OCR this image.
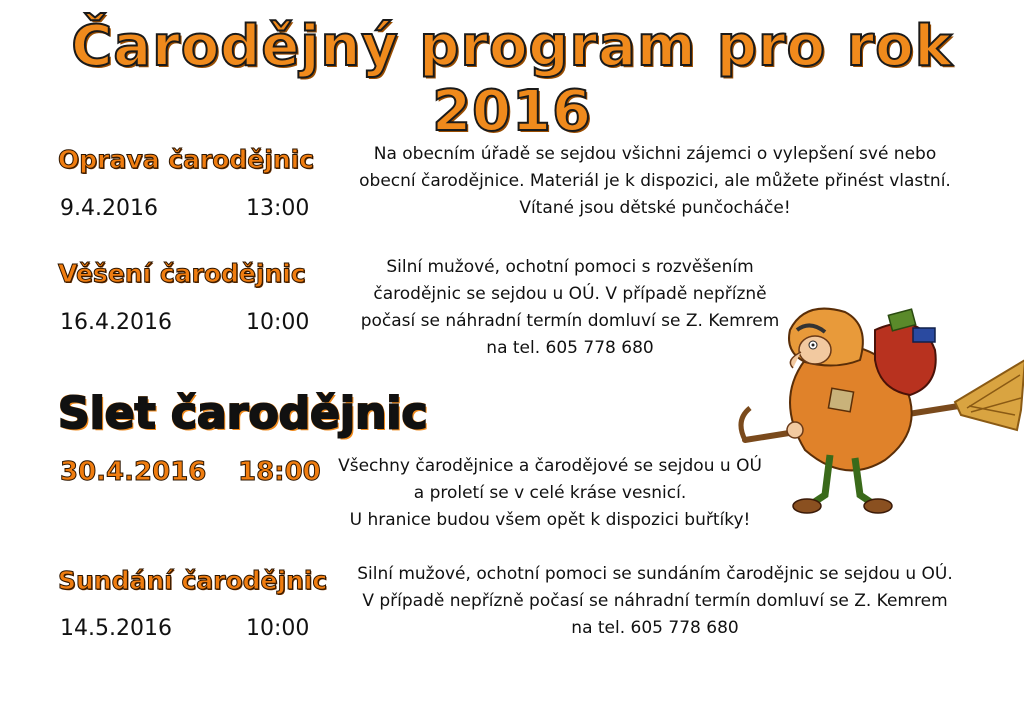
Čarodějný program pro rok 2016
Oprava čarodějnic
9.4.2016	13:00
Na obecním úřadě se sejdou všichni zájemci o vylepšení své nebo
obecní čarodějnice. Materiál je k dispozici, ale můžete přinést vlastní.
Vítané jsou dětské punčocháče!
Věšení čarodějnic
16.4.2016	10:00
Silní mužové, ochotní pomoci s rozvěšením
čarodějnic se sejdou u OÚ. V případě nepřízně
počasí se náhradní termín domluví se Z. Kemrem
na tel. 605 778 680
Slet čarodějnic
30.4.2016 18:00 Všechny čarodějnice a čarodějové se sejdou u OÚ
a proletí se v celé kráse vesnicí.
U hranice budou všem opět k dispozici buřtíky!
Sundání čarodějnic
14.5.2016	10:00
Silní mužové, ochotní pomoci se sundáním čarodějnic se sejdou u OÚ.
V případě nepřízně počasí se náhradní termín domluví se Z. Kemrem
na tel. 605 778 680
